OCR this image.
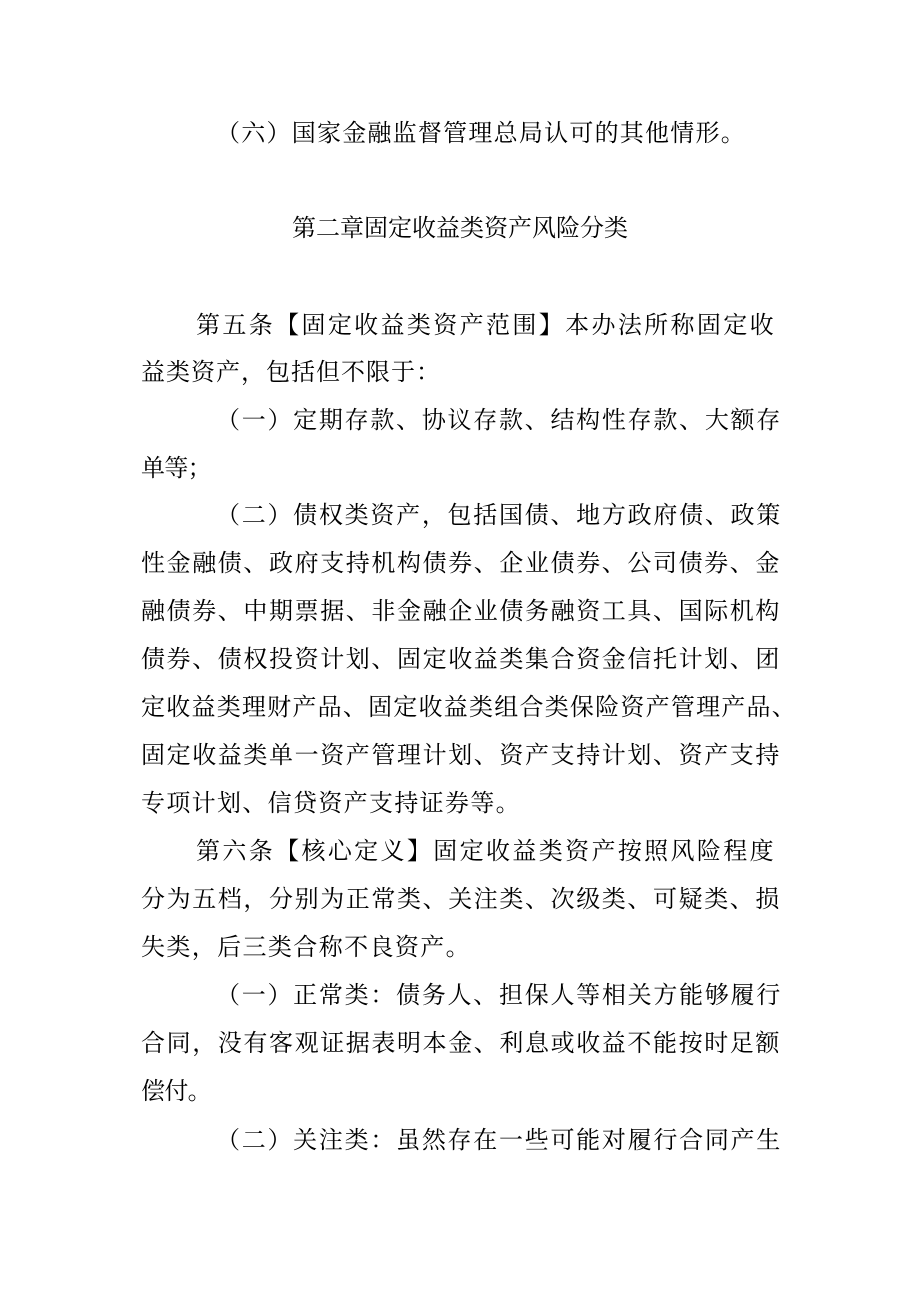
（六）国家金融监督管理总局认可的其他情形。

第二章固定收益类资产风险分类

第五条【固定收益类资产范围】本办法所称固定收

益类资产，包括但不限于：

（一）定期存款、协议存款、结构性存款、大额存

单等；

（二）债权类资产，包括国债、地方政府债、政策

性金融债、政府支持机构债券、企业债券、公司债券、金

融债券、中期票据、非金融企业债务融资工具、国际机构

债券、债权投资计划、固定收益类集合资金信托计划、团

定收益类理财产品、固定收益类组合类保险资产管理产品、

固定收益类单一资产管理计划、资产支持计划、资产支持

专项计划、信贷资产支持证券等。

第六条【核心定义】固定收益类资产按照风险程度

分为五档，分别为正常类、关注类、次级类、可疑类、损

失类，后三类合称不良资产。

（一）正常类：债务人、担保人等相关方能够履行

合同，没有客观证据表明本金、利息或收益不能按时足额

偿付。

（二）关注类：虽然存在一些可能对履行合同产生
